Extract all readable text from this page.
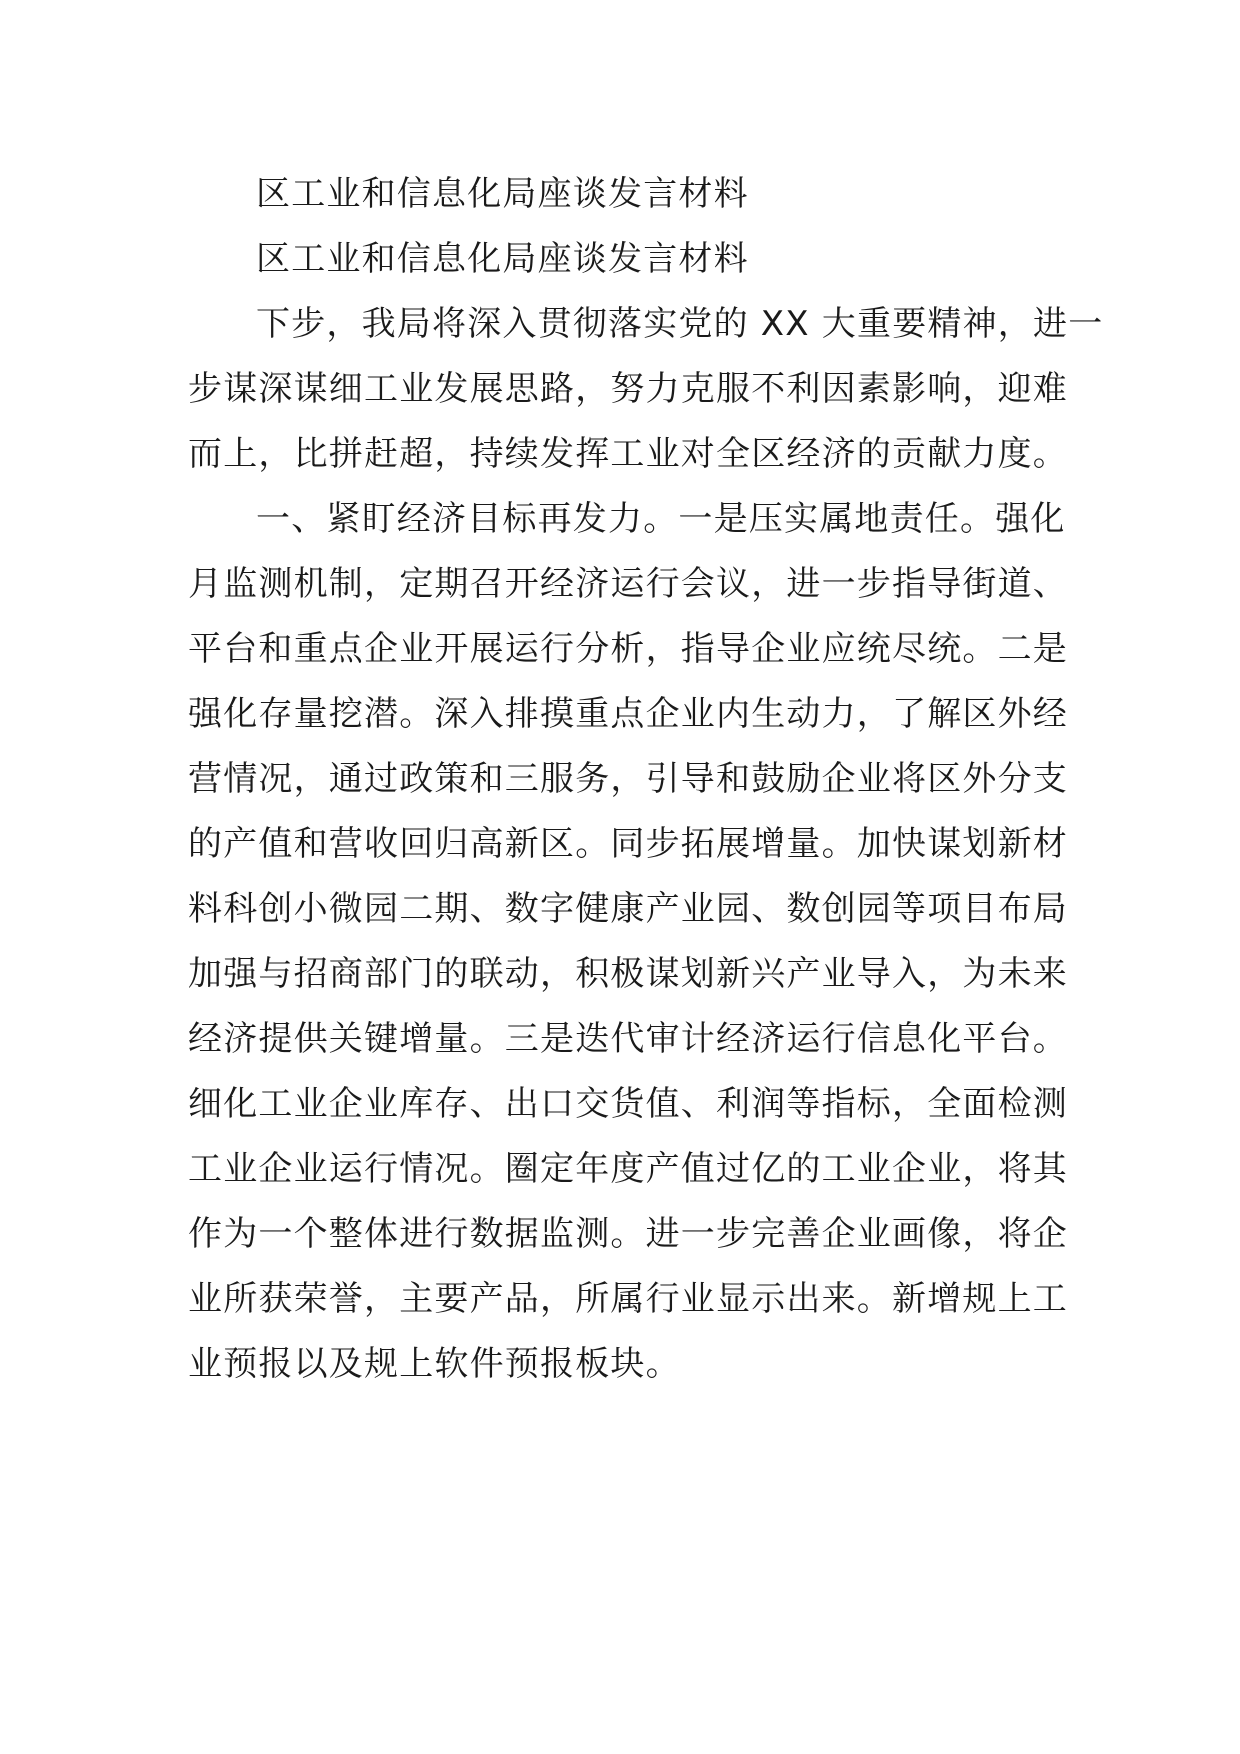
区工业和信息化局座谈发言材料
区工业和信息化局座谈发言材料
下步，我局将深入贯彻落实党的 XX 大重要精神，进一
步谋深谋细工业发展思路，努力克服不利因素影响，迎难
而上，比拼赶超，持续发挥工业对全区经济的贡献力度。
一、紧盯经济目标再发力。一是压实属地责任。强化
月监测机制，定期召开经济运行会议，进一步指导街道、
平台和重点企业开展运行分析，指导企业应统尽统。二是
强化存量挖潜。深入排摸重点企业内生动力，了解区外经
营情况，通过政策和三服务，引导和鼓励企业将区外分支
的产值和营收回归高新区。同步拓展增量。加快谋划新材
料科创小微园二期、数字健康产业园、数创园等项目布局
加强与招商部门的联动，积极谋划新兴产业导入，为未来
经济提供关键增量。三是迭代审计经济运行信息化平台。
细化工业企业库存、出口交货值、利润等指标，全面检测
工业企业运行情况。圈定年度产值过亿的工业企业，将其
作为一个整体进行数据监测。进一步完善企业画像，将企
业所获荣誉，主要产品，所属行业显示出来。新增规上工
业预报以及规上软件预报板块。
